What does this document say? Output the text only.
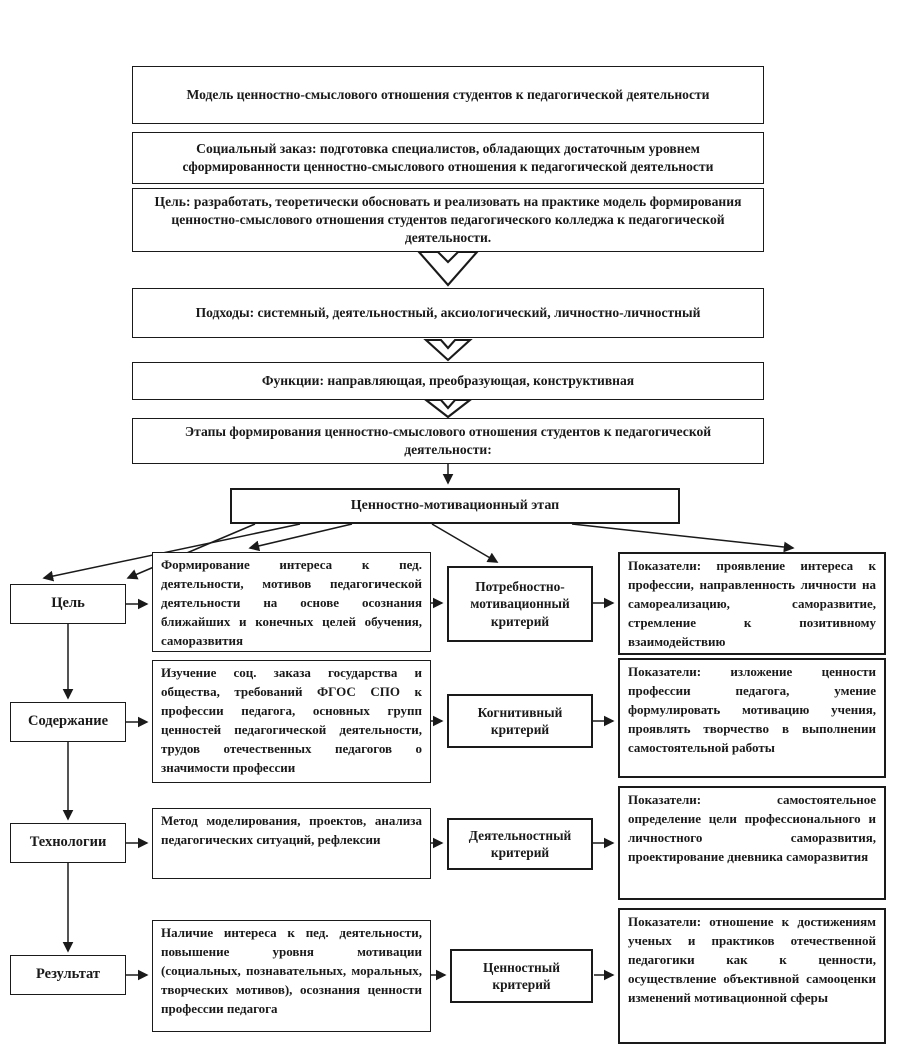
Модель ценностно-смыслового отношения студентов к педагогической деятельности
Социальный заказ: подготовка специалистов, обладающих достаточным уровнем сформированности ценностно-смыслового отношения к педагогической деятельности
Цель: разработать, теоретически обосновать и реализовать на практике модель формирования ценностно-смыслового отношения студентов педагогического колледжа к педагогической деятельности.
Подходы: системный, деятельностный, аксиологический, личностно-личностный
Функции: направляющая, преобразующая, конструктивная
Этапы формирования ценностно-смыслового отношения студентов к педагогической деятельности:
Ценностно-мотивационный этап
Цель

Формирование интереса к пед. деятельности, мотивов педагогической деятельности на основе осознания ближайших и конечных целей обучения, саморазвития

Потребностно-мотивационный критерий

Показатели: проявление интереса к профессии, направленность личности на самореализацию, саморазвитие, стремление к позитивному взаимодействию

Содержание

Изучение соц. заказа государства и общества, требований ФГОС СПО к профессии педагога, основных групп ценностей педагогической деятельности, трудов отечественных педагогов о значимости профессии

Когнитивный критерий

Показатели: изложение ценности профессии педагога, умение формулировать мотивацию учения, проявлять творчество в выполнении самостоятельной работы

Технологии

Метод моделирования, проектов, анализа педагогических ситуаций, рефлексии	Деятельностный критерий

Показатели: самостоятельное определение цели профессионального и личностного саморазвития, проектирование дневника саморазвития

Результат

Наличие интереса к пед. деятельности, повышение уровня мотивации (социальных, познавательных, моральных, творческих мотивов), осознания ценности профессии педагога

Ценностный критерий

Показатели: отношение к достижениям ученых и практиков отечественной педагогики как к ценности, осуществление объективной самооценки изменений мотивационной сферы
